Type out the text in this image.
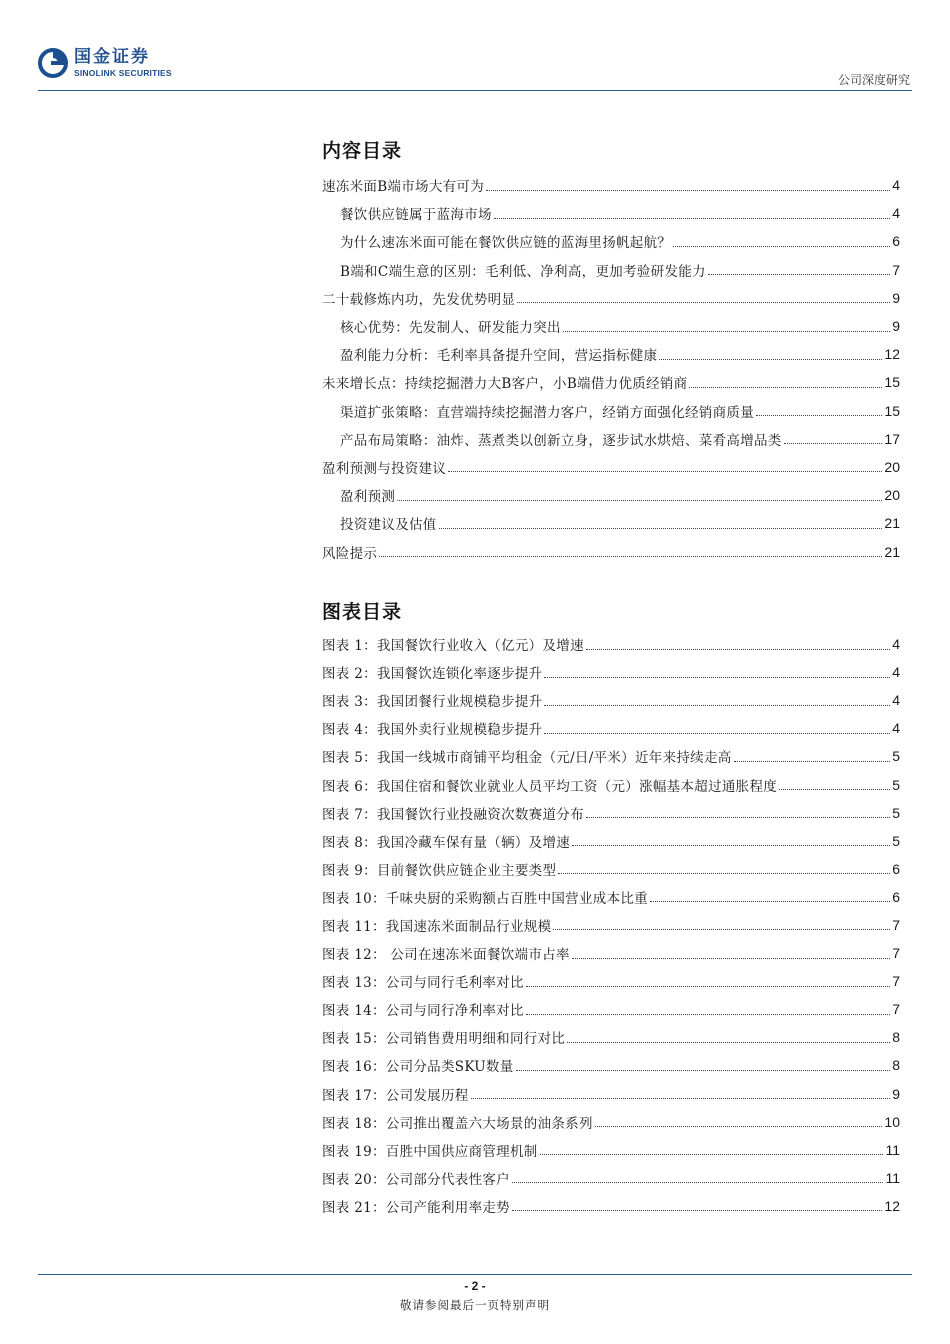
国金证券
SINOLINK SECURITIES
公司深度研究
内容目录
速冻米面B端市场大有可为	4
餐饮供应链属于蓝海市场	4
为什么速冻米面可能在餐饮供应链的蓝海里扬帆起航？	6
B端和C端生意的区别：毛利低、净利高，更加考验研发能力	7
二十载修炼内功，先发优势明显	9
核心优势：先发制人、研发能力突出	9
盈利能力分析：毛利率具备提升空间，营运指标健康	12
未来增长点：持续挖掘潜力大B客户，小B端借力优质经销商	15
渠道扩张策略：直营端持续挖掘潜力客户，经销方面强化经销商质量	15
产品布局策略：油炸、蒸煮类以创新立身，逐步试水烘焙、菜肴高增品类	17
盈利预测与投资建议	20
盈利预测	20
投资建议及估值	21
风险提示	21
图表目录
图表 1：我国餐饮行业收入（亿元）及增速	4
图表 2：我国餐饮连锁化率逐步提升	4
图表 3：我国团餐行业规模稳步提升	4
图表 4：我国外卖行业规模稳步提升	4
图表 5：我国一线城市商铺平均租金（元/日/平米）近年来持续走高	5
图表 6：我国住宿和餐饮业就业人员平均工资（元）涨幅基本超过通胀程度	5
图表 7：我国餐饮行业投融资次数赛道分布	5
图表 8：我国冷藏车保有量（辆）及增速	5
图表 9：目前餐饮供应链企业主要类型	6
图表 10：千味央厨的采购额占百胜中国营业成本比重	6
图表 11：我国速冻米面制品行业规模	7
图表 12： 公司在速冻米面餐饮端市占率	7
图表 13：公司与同行毛利率对比	7
图表 14：公司与同行净利率对比	7
图表 15：公司销售费用明细和同行对比	8
图表 16：公司分品类SKU数量	8
图表 17：公司发展历程	9
图表 18：公司推出覆盖六大场景的油条系列	10
图表 19：百胜中国供应商管理机制	11
图表 20：公司部分代表性客户	11
图表 21：公司产能利用率走势	12
- 2 -
敬请参阅最后一页特别声明
